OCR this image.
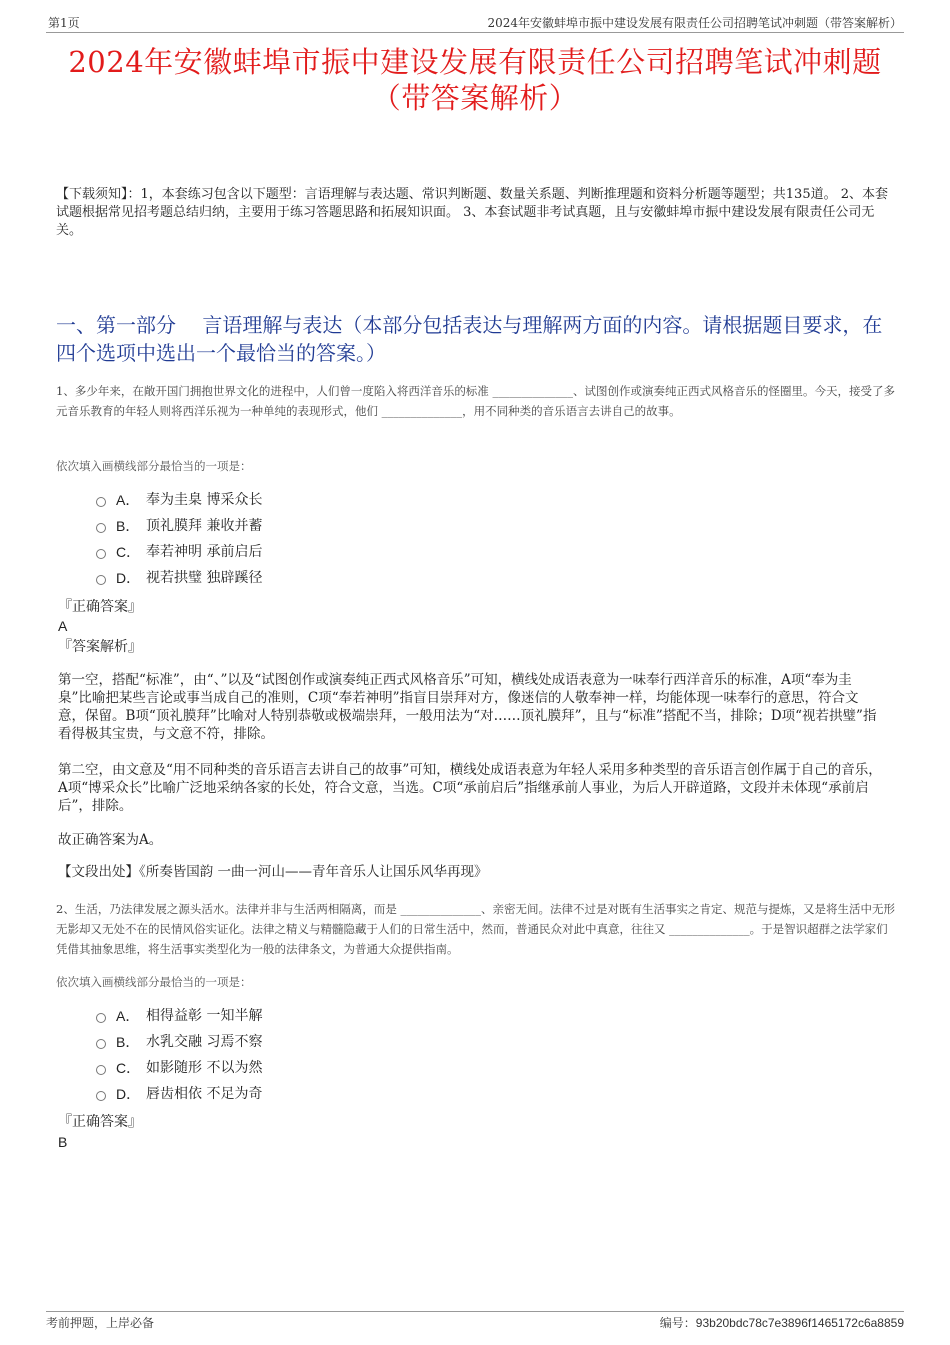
第1页	2024年安徽蚌埠市振中建设发展有限责任公司招聘笔试冲刺题（带答案解析）
2024年安徽蚌埠市振中建设发展有限责任公司招聘笔试冲刺题
（带答案解析）
【下载须知】：1，本套练习包含以下题型：言语理解与表达题、常识判断题、数量关系题、判断推理题和资料分析题等题型；共135道。 2、本套试题根据常见招考题总结归纳，主要用于练习答题思路和拓展知识面。 3、本套试题非考试真题，且与安徽蚌埠市振中建设发展有限责任公司无关。
一、第一部分　 言语理解与表达（本部分包括表达与理解两方面的内容。请根据题目要求，在四个选项中选出一个最恰当的答案。）
1、多少年来，在敞开国门拥抱世界文化的进程中，人们曾一度陷入将西洋音乐的标准 ______________、试图创作或演奏纯正西式风格音乐的怪圈里。今天，接受了多元音乐教育的年轻人则将西洋乐视为一种单纯的表现形式，他们 ______________，用不同种类的音乐语言去讲自己的故事。
依次填入画横线部分最恰当的一项是：
A． 奉为圭臬 博采众长
B． 顶礼膜拜 兼收并蓄
C． 奉若神明 承前启后
D． 视若拱璧 独辟蹊径
『正确答案』
A
『答案解析』
第一空，搭配“标准”，由“、”以及“试图创作或演奏纯正西式风格音乐”可知，横线处成语表意为一味奉行西洋音乐的标准，A项“奉为圭臬”比喻把某些言论或事当成自己的准则，C项“奉若神明”指盲目崇拜对方，像迷信的人敬奉神一样，均能体现一味奉行的意思，符合文意，保留。B项“顶礼膜拜”比喻对人特别恭敬或极端崇拜，一般用法为“对……顶礼膜拜”，且与“标准”搭配不当，排除；D项“视若拱璧”指看得极其宝贵，与文意不符，排除。
第二空，由文意及“用不同种类的音乐语言去讲自己的故事”可知，横线处成语表意为年轻人采用多种类型的音乐语言创作属于自己的音乐，A项“博采众长”比喻广泛地采纳各家的长处，符合文意，当选。C项“承前启后”指继承前人事业，为后人开辟道路，文段并未体现“承前启后”，排除。
故正确答案为A。
【文段出处】《所奏皆国韵 一曲一河山——青年音乐人让国乐风华再现》
2、生活，乃法律发展之源头活水。法律并非与生活两相隔离，而是 ______________、亲密无间。法律不过是对既有生活事实之肯定、规范与提炼，又是将生活中无形无影却又无处不在的民情风俗实证化。法律之精义与精髓隐藏于人们的日常生活中，然而，普通民众对此中真意，往往又 ______________。于是智识超群之法学家们凭借其抽象思维，将生活事实类型化为一般的法律条文，为普通大众提供指南。
依次填入画横线部分最恰当的一项是：
A． 相得益彰 一知半解
B． 水乳交融 习焉不察
C． 如影随形 不以为然
D． 唇齿相依 不足为奇
『正确答案』
B
考前押题，上岸必备	编号：93b20bdc78c7e3896f1465172c6a8859
